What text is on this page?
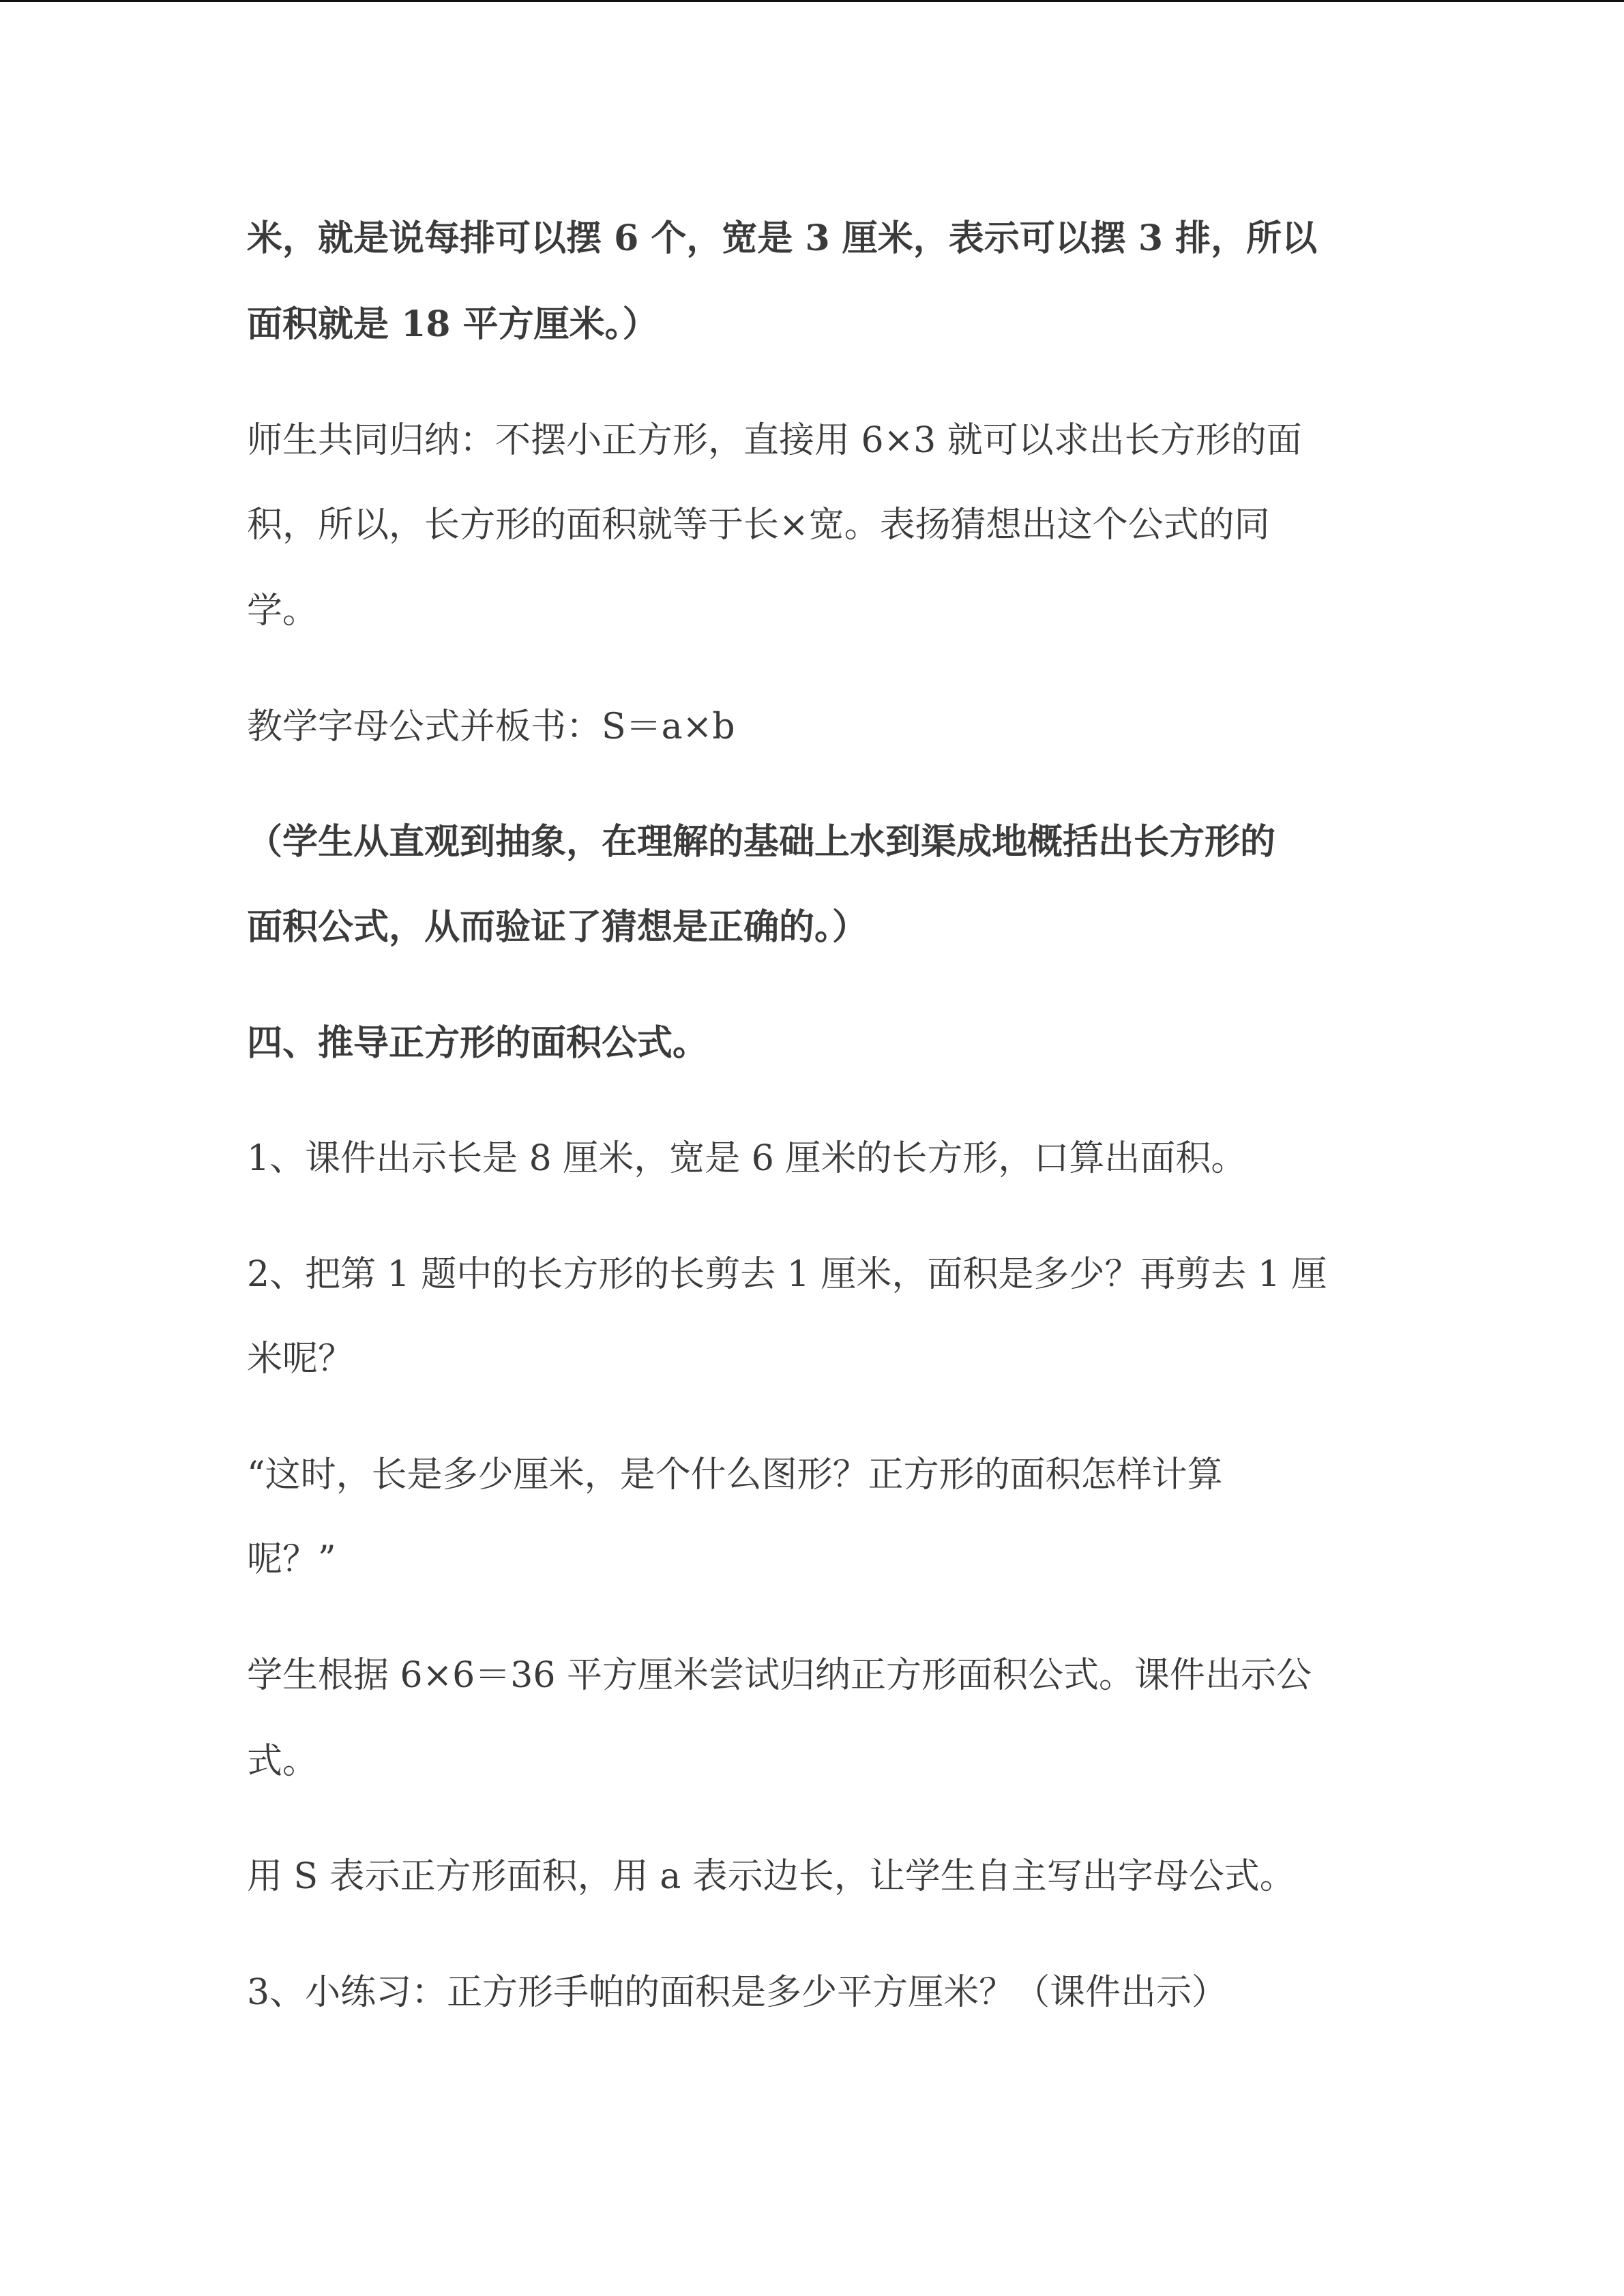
米，就是说每排可以摆 6 个，宽是 3 厘米，表示可以摆 3 排，所以
面积就是 18 平方厘米。）
师生共同归纳：不摆小正方形，直接用 6×3 就可以求出长方形的面
积，所以，长方形的面积就等于长×宽。表扬猜想出这个公式的同
学。
教学字母公式并板书：S＝a×b
（学生从直观到抽象，在理解的基础上水到渠成地概括出长方形的
面积公式，从而验证了猜想是正确的。）
四、推导正方形的面积公式。
1、课件出示长是 8 厘米，宽是 6 厘米的长方形，口算出面积。
2、把第 1 题中的长方形的长剪去 1 厘米，面积是多少？再剪去 1 厘
米呢？
“这时，长是多少厘米，是个什么图形？正方形的面积怎样计算
呢？”
学生根据 6×6＝36 平方厘米尝试归纳正方形面积公式。课件出示公
式。
用 S 表示正方形面积，用 a 表示边长，让学生自主写出字母公式。
3、小练习：正方形手帕的面积是多少平方厘米？（课件出示）
